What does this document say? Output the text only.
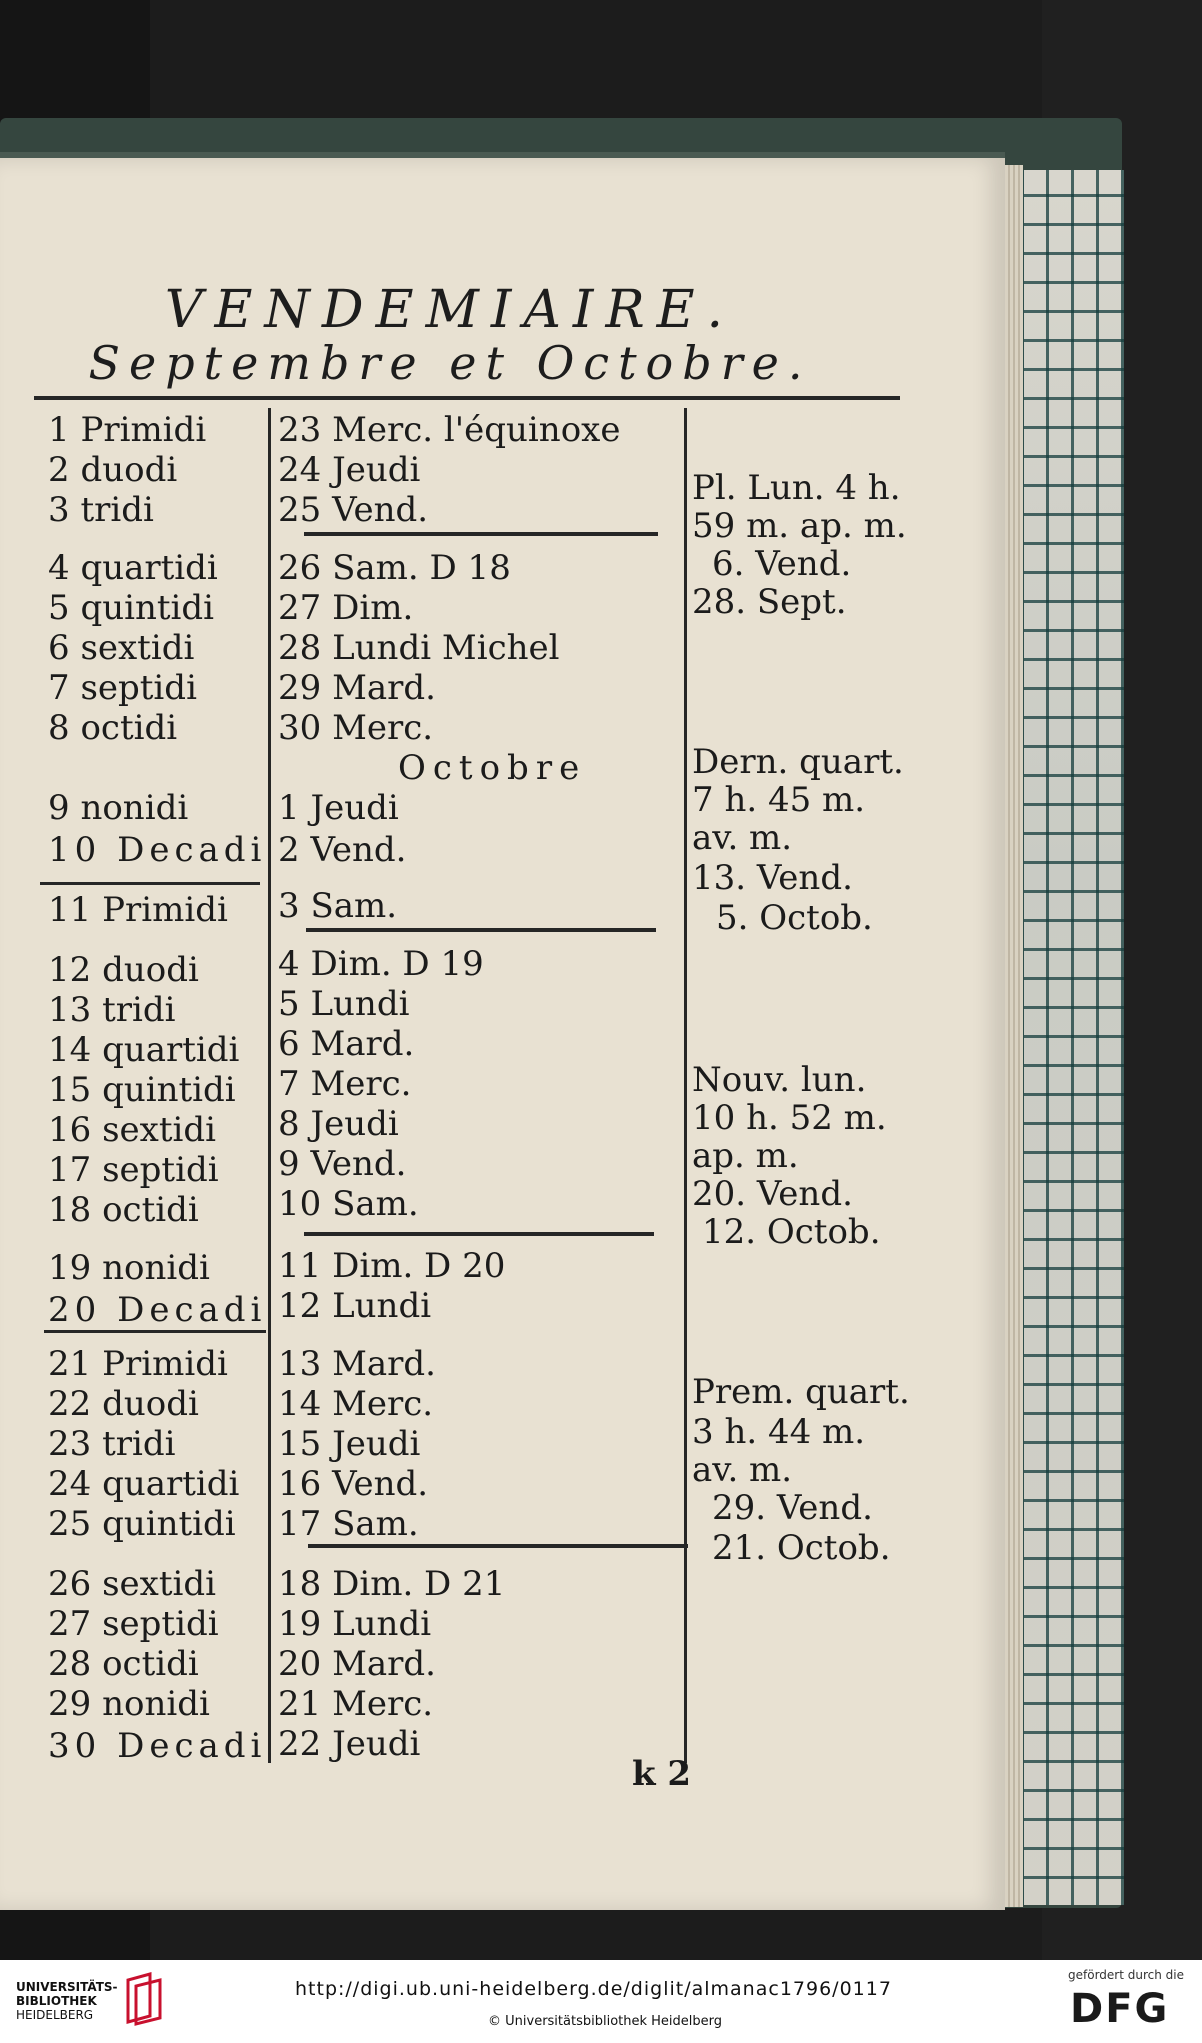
VENDEMIAIRE.
Septembre et Octobre.
1 Primidi
2 duodi
3 tridi
4 quartidi
5 quintidi
6 sextidi
7 septidi
8 octidi
9 nonidi
10 Decadi
11 Primidi
12 duodi
13 tridi
14 quartidi
15 quintidi
16 sextidi
17 septidi
18 octidi
19 nonidi
20 Decadi
21 Primidi
22 duodi
23 tridi
24 quartidi
25 quintidi
26 sextidi
27 septidi
28 octidi
29 nonidi
30 Decadi
23 Merc. l'équinoxe
24 Jeudi
25 Vend.
26 Sam. D 18
27 Dim.
28 Lundi Michel
29 Mard.
30 Merc.
Octobre
1 Jeudi
2 Vend.
3 Sam.
4 Dim. D 19
5 Lundi
6 Mard.
7 Merc.
8 Jeudi
9 Vend.
10 Sam.
11 Dim. D 20
12 Lundi
13 Mard.
14 Merc.
15 Jeudi
16 Vend.
17 Sam.
18 Dim. D 21
19 Lundi
20 Mard.
21 Merc.
22 Jeudi
Pl. Lun. 4 h.
59 m. ap. m.
6. Vend.
28. Sept.
Dern. quart.
7 h. 45 m.
av. m.
13. Vend.
5. Octob.
Nouv. lun.
10 h. 52 m.
ap. m.
20. Vend.
12. Octob.
Prem. quart.
3 h. 44 m.
av. m.
29. Vend.
21. Octob.
k 2
UNIVERSITÄTS-
BIBLIOTHEK
HEIDELBERG
http://digi.ub.uni-heidelberg.de/diglit/almanac1796/0117
© Universitätsbibliothek Heidelberg
gefördert durch die
DFG
